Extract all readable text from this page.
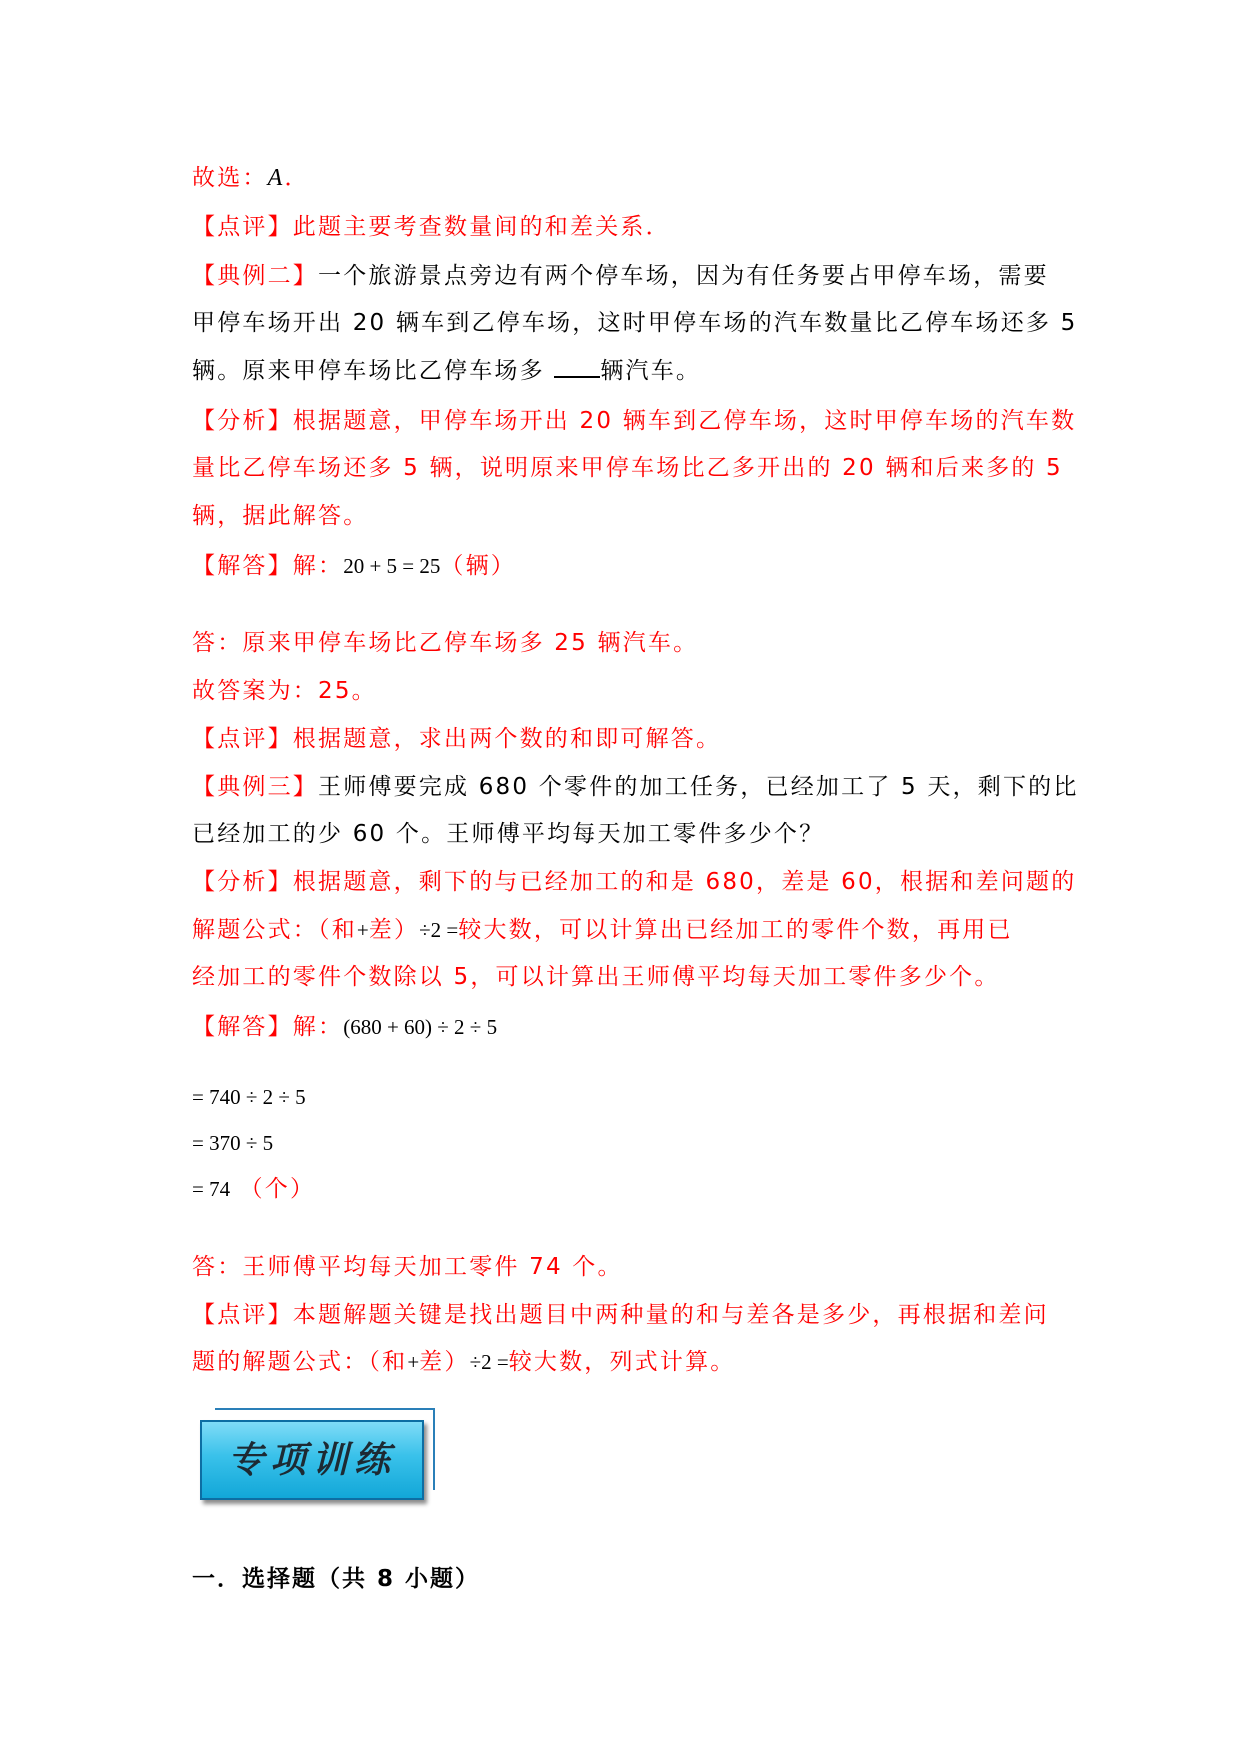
故选：A．
【点评】此题主要考查数量间的和差关系．
【典例二】一个旅游景点旁边有两个停车场，因为有任务要占甲停车场，需要
甲停车场开出 20 辆车到乙停车场，这时甲停车场的汽车数量比乙停车场还多 5
辆。原来甲停车场比乙停车场多 辆汽车。
【分析】根据题意，甲停车场开出 20 辆车到乙停车场，这时甲停车场的汽车数
量比乙停车场还多 5 辆，说明原来甲停车场比乙多开出的 20 辆和后来多的 5
辆，据此解答。
【解答】解：20 + 5 = 25（辆）
答：原来甲停车场比乙停车场多 25 辆汽车。
故答案为：25。
【点评】根据题意，求出两个数的和即可解答。
【典例三】王师傅要完成 680 个零件的加工任务，已经加工了 5 天，剩下的比
已经加工的少 60 个。王师傅平均每天加工零件多少个？
【分析】根据题意，剩下的与已经加工的和是 680，差是 60，根据和差问题的
解题公式：（和+差）÷2 =较大数，可以计算出已经加工的零件个数，再用已
经加工的零件个数除以 5，可以计算出王师傅平均每天加工零件多少个。
【解答】解：(680 + 60) ÷ 2 ÷ 5
= 740 ÷ 2 ÷ 5
= 370 ÷ 5
= 74 （个）
答：王师傅平均每天加工零件 74 个。
【点评】本题解题关键是找出题目中两种量的和与差各是多少，再根据和差问
题的解题公式：（和+差）÷2 =较大数，列式计算。
专项训练
一．选择题（共 8 小题）
